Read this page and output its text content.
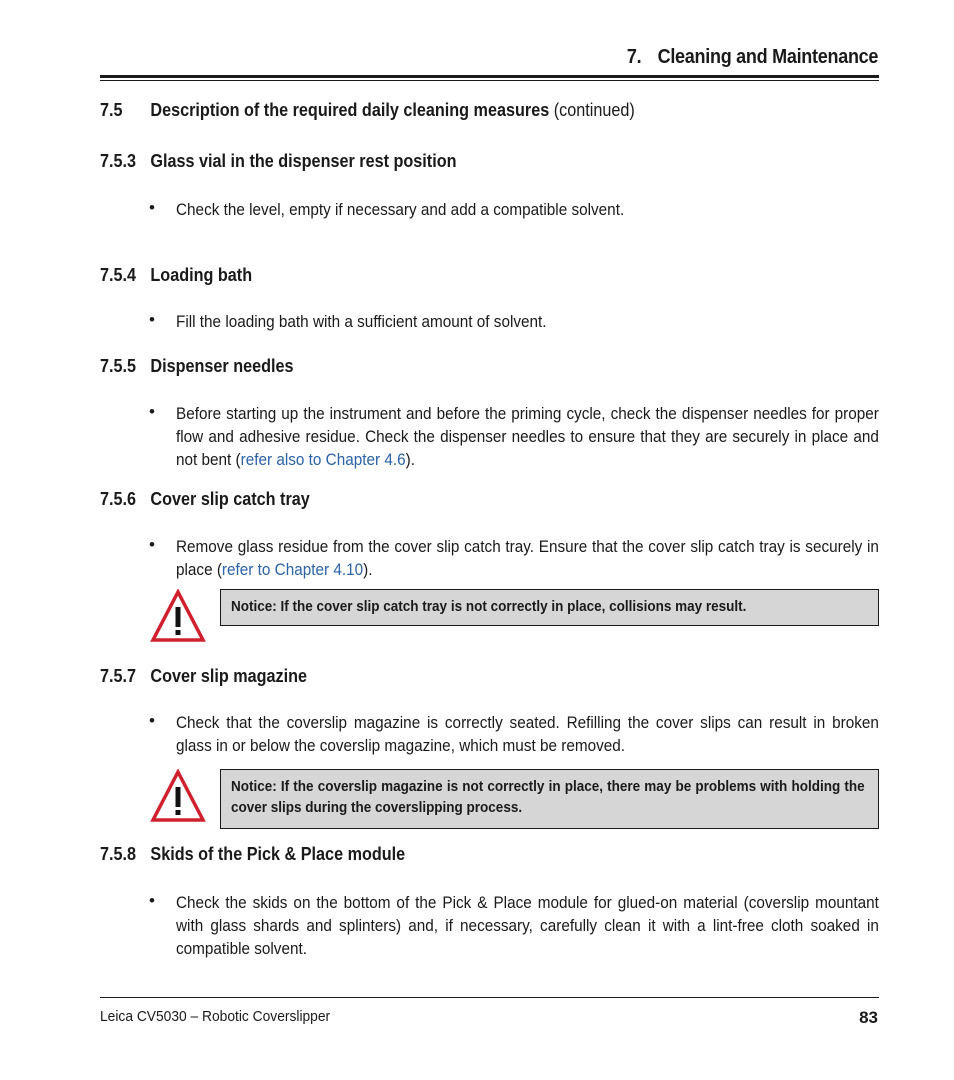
7. Cleaning and Maintenance
7.5 Description of the required daily cleaning measures (continued)
7.5.3 Glass vial in the dispenser rest position
• Check the level, empty if necessary and add a compatible solvent.
7.5.4 Loading bath
• Fill the loading bath with a sufficient amount of solvent.
7.5.5 Dispenser needles
• Before starting up the instrument and before the priming cycle, check the dispenser needles for proper flow and adhesive residue. Check the dispenser needles to ensure that they are securely in place and not bent (refer also to Chapter 4.6).
7.5.6 Cover slip catch tray
• Remove glass residue from the cover slip catch tray. Ensure that the cover slip catch tray is securely in place (refer to Chapter 4.10).
Notice: If the cover slip catch tray is not correctly in place, collisions may result.
7.5.7 Cover slip magazine
• Check that the coverslip magazine is correctly seated. Refilling the cover slips can result in broken glass in or below the coverslip magazine, which must be removed.
Notice: If the coverslip magazine is not correctly in place, there may be problems with holding the cover slips during the coverslipping process.
7.5.8 Skids of the Pick & Place module
• Check the skids on the bottom of the Pick & Place module for glued-on material (coverslip mountant with glass shards and splinters) and, if necessary, carefully clean it with a lint-free cloth soaked in compatible solvent.
Leica CV5030 – Robotic Coverslipper	83
